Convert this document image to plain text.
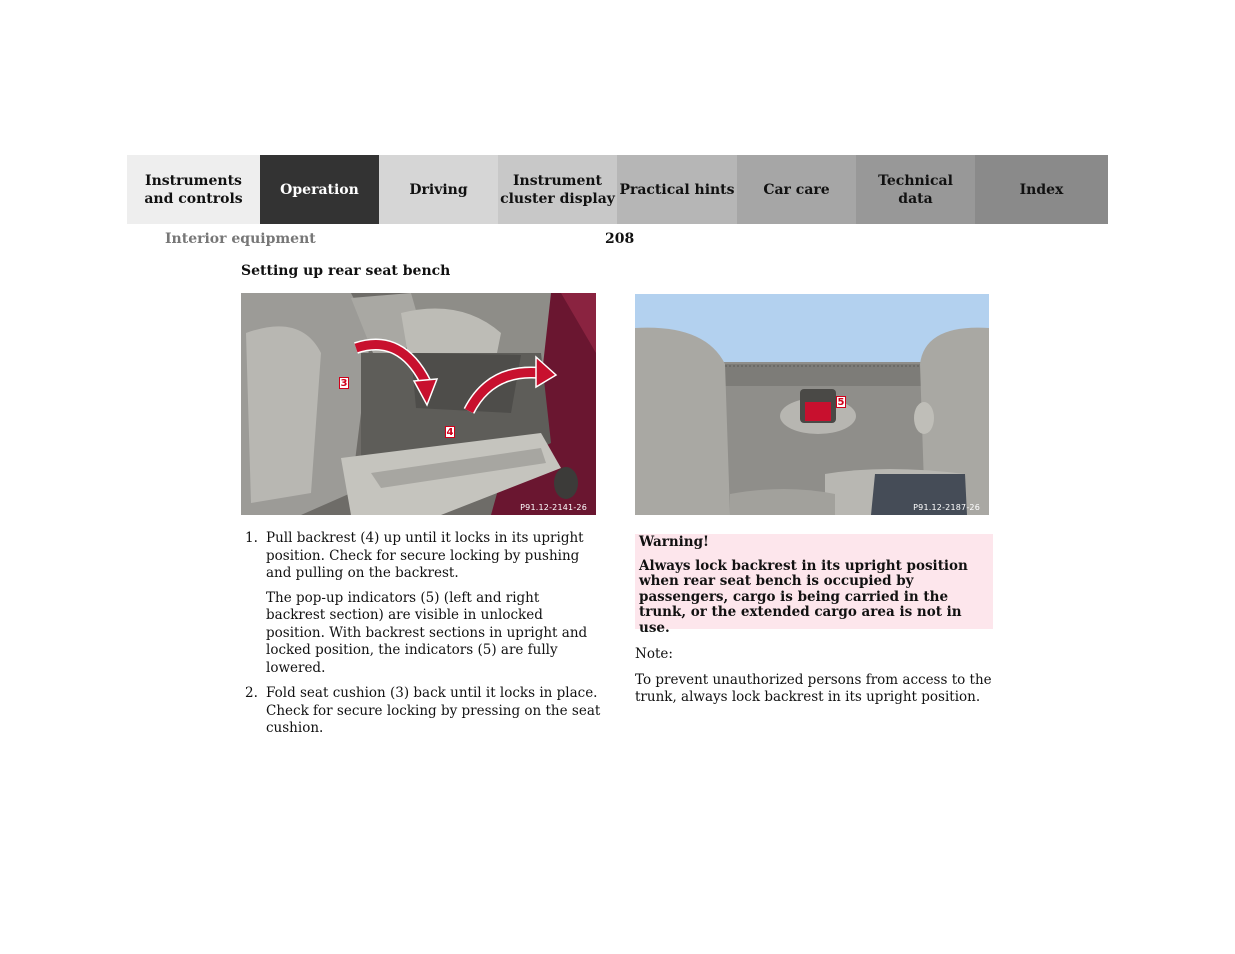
Instruments
and controls
Operation	Driving
Instrument
cluster display
Practical hints Car care
Technical
data
Index
Interior equipment	208
Setting up rear seat bench
3
4
P91.12-2141-26
5
P91.12-2187-26
1. Pull backrest (4) up until it locks in its upright position. Check for secure locking by pushing and pulling on the backrest.

The pop-up indicators (5) (left and right backrest section) are visible in unlocked position. With backrest sections in upright and locked position, the indicators (5) are fully lowered.

2. Fold seat cushion (3) back until it locks in place. Check for secure locking by pressing on the seat cushion.

Warning!
Always lock backrest in its upright position when rear seat bench is occupied by passengers, cargo is being carried in the trunk, or the extended cargo area is not in use.

Note:

To prevent unauthorized persons from access to the trunk, always lock backrest in its upright position.
